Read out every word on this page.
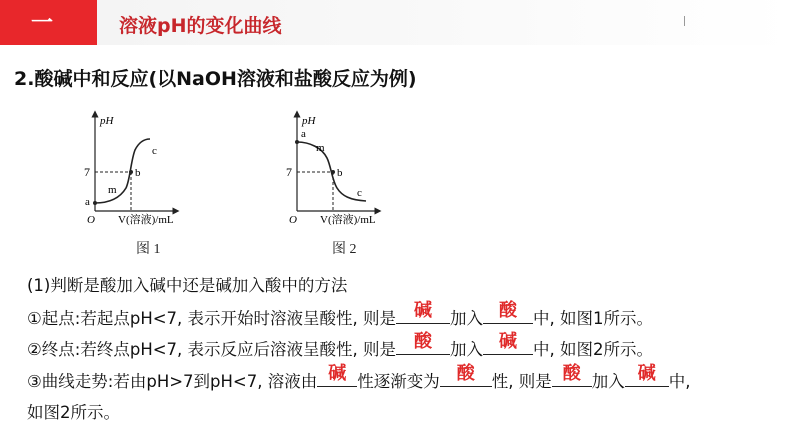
一	溶液pH的变化曲线
2.酸碱中和反应(以NaOH溶液和盐酸反应为例)
pH
7
O
a
m
b
c
V(溶液)/mL
图 1
pH
7
O
a
m
b
c
V(溶液)/mL
图 2
(1)判断是酸加入碱中还是碱加入酸中的方法
①起点:若起点pH<7, 表示开始时溶液呈酸性, 则是	碱	加入 酸 中, 如图1所示。
②终点:若终点pH<7, 表示反应后溶液呈酸性, 则是	酸	加入 碱 中, 如图2所示。
③曲线走势:若由pH>7到pH<7, 溶液由 碱 性逐渐变为 酸	性, 则是 酸 加入 碱 中,
如图2所示。
